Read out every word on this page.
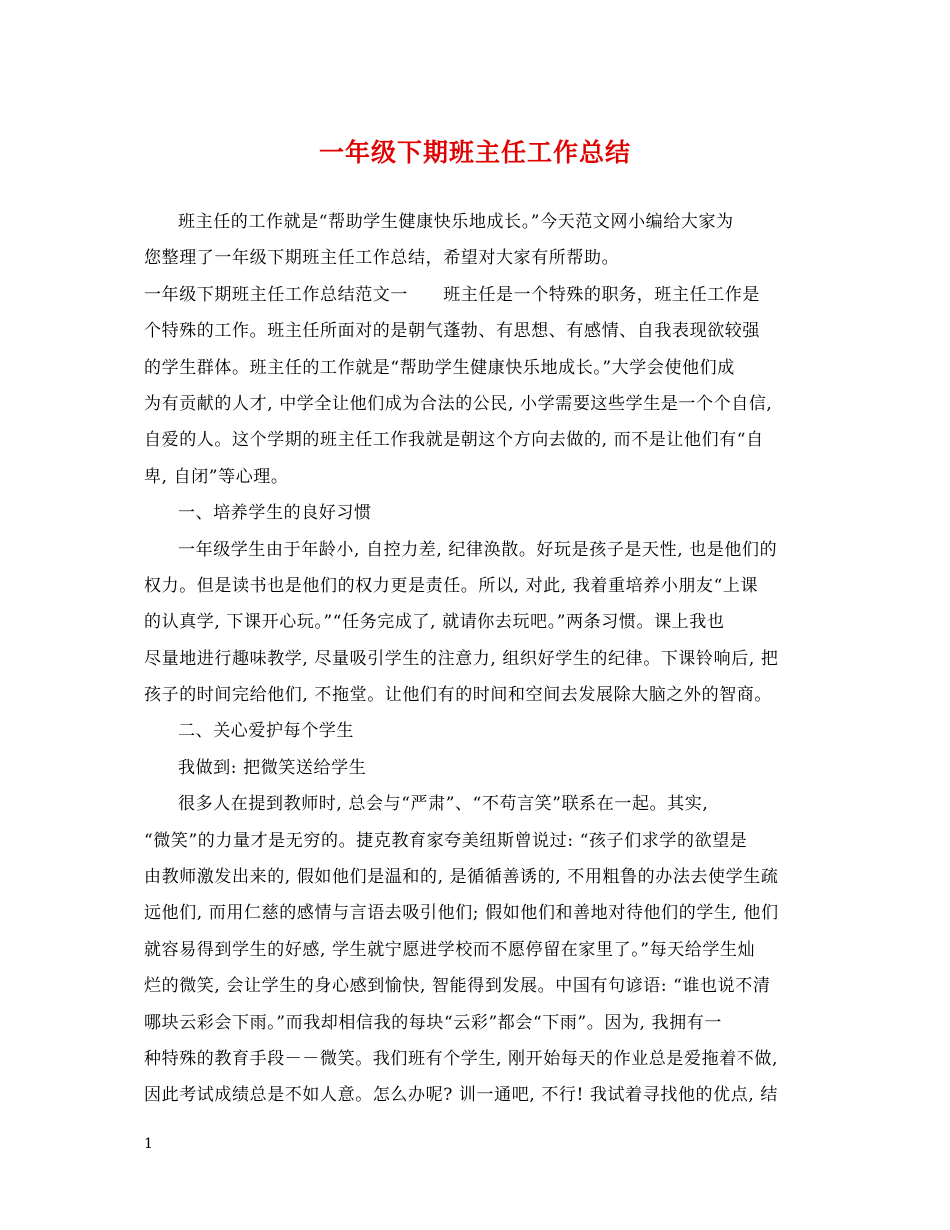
一年级下期班主任工作总结
班主任的工作就是“帮助学生健康快乐地成长。”今天范文网小编给大家为
您整理了一年级下期班主任工作总结，希望对大家有所帮助。
一年级下期班主任工作总结范文一　　班主任是一个特殊的职务，班主任工作是
个特殊的工作。班主任所面对的是朝气蓬勃、有思想、有感情、自我表现欲较强
的学生群体。班主任的工作就是“帮助学生健康快乐地成长。”大学会使他们成
为有贡献的人才, 中学全让他们成为合法的公民, 小学需要这些学生是一个个自信,
自爱的人。这个学期的班主任工作我就是朝这个方向去做的, 而不是让他们有“自
卑, 自闭”等心理。
一、培养学生的良好习惯
一年级学生由于年龄小, 自控力差, 纪律涣散。好玩是孩子是天性, 也是他们的
权力。但是读书也是他们的权力更是责任。所以, 对此, 我着重培养小朋友“上课
的认真学, 下课开心玩。”“任务完成了, 就请你去玩吧。”两条习惯。课上我也
尽量地进行趣味教学, 尽量吸引学生的注意力, 组织好学生的纪律。下课铃响后, 把
孩子的时间完给他们, 不拖堂。让他们有的时间和空间去发展除大脑之外的智商。
二、关心爱护每个学生
我做到: 把微笑送给学生
很多人在提到教师时, 总会与“严肃”、“不苟言笑”联系在一起。其实,
“微笑”的力量才是无穷的。捷克教育家夸美纽斯曾说过: “孩子们求学的欲望是
由教师激发出来的, 假如他们是温和的, 是循循善诱的, 不用粗鲁的办法去使学生疏
远他们, 而用仁慈的感情与言语去吸引他们; 假如他们和善地对待他们的学生, 他们
就容易得到学生的好感, 学生就宁愿进学校而不愿停留在家里了。”每天给学生灿
烂的微笑, 会让学生的身心感到愉快, 智能得到发展。中国有句谚语: “谁也说不清
哪块云彩会下雨。”而我却相信我的每块“云彩”都会“下雨”。因为, 我拥有一
种特殊的教育手段－－微笑。我们班有个学生, 刚开始每天的作业总是爱拖着不做,
因此考试成绩总是不如人意。怎么办呢? 训一通吧, 不行! 我试着寻找他的优点, 结
1
